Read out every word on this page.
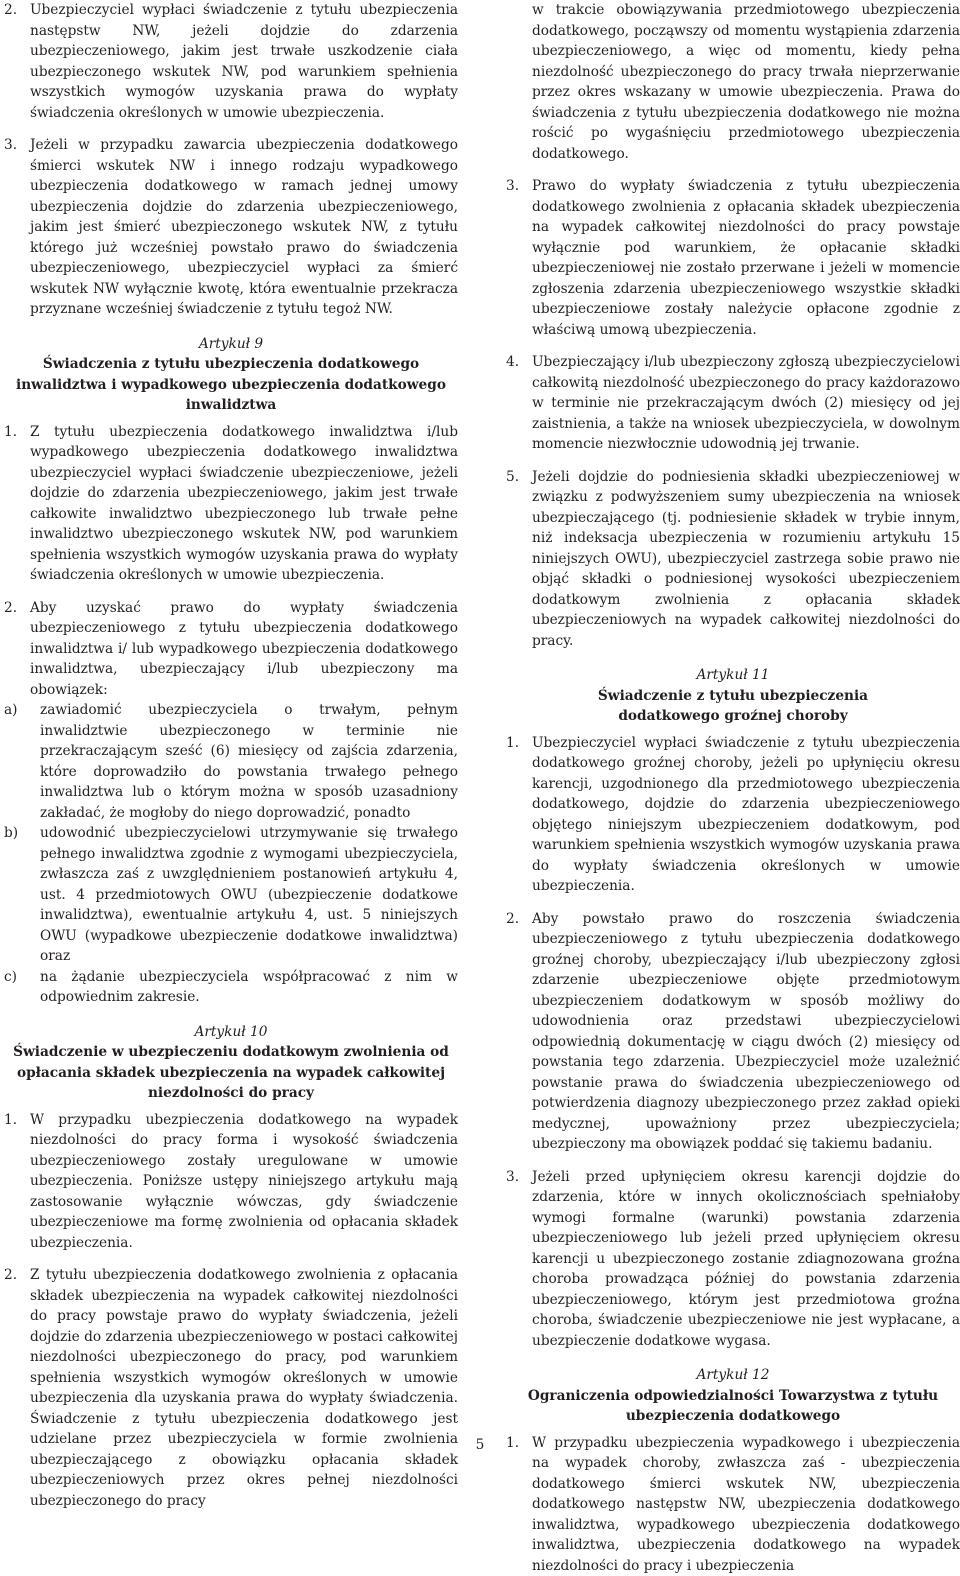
2. Ubezpieczyciel wypłaci świadczenie z tytułu ubezpieczenia następstw NW, jeżeli dojdzie do zdarzenia ubezpieczeniowego, jakim jest trwałe uszkodzenie ciała ubezpieczonego wskutek NW, pod warunkiem spełnienia wszystkich wymogów uzyskania prawa do wypłaty świadczenia określonych w umowie ubezpieczenia.
3. Jeżeli w przypadku zawarcia ubezpieczenia dodatkowego śmierci wskutek NW i innego rodzaju wypadkowego ubezpieczenia dodatkowego w ramach jednej umowy ubezpieczenia dojdzie do zdarzenia ubezpieczeniowego, jakim jest śmierć ubezpieczonego wskutek NW, z tytułu którego już wcześniej powstało prawo do świadczenia ubezpieczeniowego, ubezpieczyciel wypłaci za śmierć wskutek NW wyłącznie kwotę, która ewentualnie przekracza przyznane wcześniej świadczenie z tytułu tegoż NW.

Artykuł 9

Świadczenia z tytułu ubezpieczenia dodatkowego inwalidztwa i wypadkowego ubezpieczenia dodatkowego inwalidztwa

1. Z tytułu ubezpieczenia dodatkowego inwalidztwa i/lub wypadkowego ubezpieczenia dodatkowego inwalidztwa ubezpieczyciel wypłaci świadczenie ubezpieczeniowe, jeżeli dojdzie do zdarzenia ubezpieczeniowego, jakim jest trwałe całkowite inwalidztwo ubezpieczonego lub trwałe pełne inwalidztwo ubezpieczonego wskutek NW, pod warunkiem spełnienia wszystkich wymogów uzyskania prawa do wypłaty świadczenia określonych w umowie ubezpieczenia.
2. Aby uzyskać prawo do wypłaty świadczenia ubezpieczeniowego z tytułu ubezpieczenia dodatkowego inwalidztwa i/ lub wypadkowego ubezpieczenia dodatkowego inwalidztwa, ubezpieczający i/lub ubezpieczony ma obowiązek:
a) zawiadomić ubezpieczyciela o trwałym, pełnym inwalidztwie ubezpieczonego w terminie nie przekraczającym sześć (6) miesięcy od zajścia zdarzenia, które doprowadziło do powstania trwałego pełnego inwalidztwa lub o którym można w sposób uzasadniony zakładać, że mogłoby do niego doprowadzić, ponadto
b) udowodnić ubezpieczycielowi utrzymywanie się trwałego pełnego inwalidztwa zgodnie z wymogami ubezpieczyciela, zwłaszcza zaś z uwzględnieniem postanowień artykułu 4, ust. 4 przedmiotowych OWU (ubezpieczenie dodatkowe inwalidztwa), ewentualnie artykułu 4, ust. 5 niniejszych OWU (wypadkowe ubezpieczenie dodatkowe inwalidztwa) oraz
c) na żądanie ubezpieczyciela współpracować z nim w odpowiednim zakresie.

Artykuł 10

Świadczenie w ubezpieczeniu dodatkowym zwolnienia od opłacania składek ubezpieczenia na wypadek całkowitej niezdolności do pracy

1. W przypadku ubezpieczenia dodatkowego na wypadek niezdolności do pracy forma i wysokość świadczenia ubezpieczeniowego zostały uregulowane w umowie ubezpieczenia. Poniższe ustępy niniejszego artykułu mają zastosowanie wyłącznie wówczas, gdy świadczenie ubezpieczeniowe ma formę zwolnienia od opłacania składek ubezpieczenia.
2. Z tytułu ubezpieczenia dodatkowego zwolnienia z opłacania składek ubezpieczenia na wypadek całkowitej niezdolności do pracy powstaje prawo do wypłaty świadczenia, jeżeli dojdzie do zdarzenia ubezpieczeniowego w postaci całkowitej niezdolności ubezpieczonego do pracy, pod warunkiem spełnienia wszystkich wymogów określonych w umowie ubezpieczenia dla uzyskania prawa do wypłaty świadczenia. Świadczenie z tytułu ubezpieczenia dodatkowego jest udzielane przez ubezpieczyciela w formie zwolnienia ubezpieczającego z obowiązku opłacania składek ubezpieczeniowych przez okres pełnej niezdolności ubezpieczonego do pracy
w trakcie obowiązywania przedmiotowego ubezpieczenia dodatkowego, począwszy od momentu wystąpienia zdarzenia ubezpieczeniowego, a więc od momentu, kiedy pełna niezdolność ubezpieczonego do pracy trwała nieprzerwanie przez okres wskazany w umowie ubezpieczenia. Prawa do świadczenia z tytułu ubezpieczenia dodatkowego nie można rościć po wygaśnięciu przedmiotowego ubezpieczenia dodatkowego.
3. Prawo do wypłaty świadczenia z tytułu ubezpieczenia dodatkowego zwolnienia z opłacania składek ubezpieczenia na wypadek całkowitej niezdolności do pracy powstaje wyłącznie pod warunkiem, że opłacanie składki ubezpieczeniowej nie zostało przerwane i jeżeli w momencie zgłoszenia zdarzenia ubezpieczeniowego wszystkie składki ubezpieczeniowe zostały należycie opłacone zgodnie z właściwą umową ubezpieczenia.
4. Ubezpieczający i/lub ubezpieczony zgłoszą ubezpieczycielowi całkowitą niezdolność ubezpieczonego do pracy każdorazowo w terminie nie przekraczającym dwóch (2) miesięcy od jej zaistnienia, a także na wniosek ubezpieczyciela, w dowolnym momencie niezwłocznie udowodnią jej trwanie.
5. Jeżeli dojdzie do podniesienia składki ubezpieczeniowej w związku z podwyższeniem sumy ubezpieczenia na wniosek ubezpieczającego (tj. podniesienie składek w trybie innym, niż indeksacja ubezpieczenia w rozumieniu artykułu 15 niniejszych OWU), ubezpieczyciel zastrzega sobie prawo nie objąć składki o podniesionej wysokości ubezpieczeniem dodatkowym zwolnienia z opłacania składek ubezpieczeniowych na wypadek całkowitej niezdolności do pracy.

Artykuł 11

Świadczenie z tytułu ubezpieczenia dodatkowego groźnej choroby

1. Ubezpieczyciel wypłaci świadczenie z tytułu ubezpieczenia dodatkowego groźnej choroby, jeżeli po upłynięciu okresu karencji, uzgodnionego dla przedmiotowego ubezpieczenia dodatkowego, dojdzie do zdarzenia ubezpieczeniowego objętego niniejszym ubezpieczeniem dodatkowym, pod warunkiem spełnienia wszystkich wymogów uzyskania prawa do wypłaty świadczenia określonych w umowie ubezpieczenia.
2. Aby powstało prawo do roszczenia świadczenia ubezpieczeniowego z tytułu ubezpieczenia dodatkowego groźnej choroby, ubezpieczający i/lub ubezpieczony zgłosi zdarzenie ubezpieczeniowe objęte przedmiotowym ubezpieczeniem dodatkowym w sposób możliwy do udowodnienia oraz przedstawi ubezpieczycielowi odpowiednią dokumentację w ciągu dwóch (2) miesięcy od powstania tego zdarzenia. Ubezpieczyciel może uzależnić powstanie prawa do świadczenia ubezpieczeniowego od potwierdzenia diagnozy ubezpieczonego przez zakład opieki medycznej, upoważniony przez ubezpieczyciela; ubezpieczony ma obowiązek poddać się takiemu badaniu.
3. Jeżeli przed upłynięciem okresu karencji dojdzie do zdarzenia, które w innych okolicznościach spełniałoby wymogi formalne (warunki) powstania zdarzenia ubezpieczeniowego lub jeżeli przed upłynięciem okresu karencji u ubezpieczonego zostanie zdiagnozowana groźna choroba prowadząca później do powstania zdarzenia ubezpieczeniowego, którym jest przedmiotowa groźna choroba, świadczenie ubezpieczeniowe nie jest wypłacane, a ubezpieczenie dodatkowe wygasa.

Artykuł 12

Ograniczenia odpowiedzialności Towarzystwa z tytułu ubezpieczenia dodatkowego

1. W przypadku ubezpieczenia wypadkowego i ubezpieczenia na wypadek choroby, zwłaszcza zaś - ubezpieczenia dodatkowego śmierci wskutek NW, ubezpieczenia dodatkowego następstw NW, ubezpieczenia dodatkowego inwalidztwa, wypadkowego ubezpieczenia dodatkowego inwalidztwa, ubezpieczenia dodatkowego na wypadek niezdolności do pracy i ubezpieczenia
5
